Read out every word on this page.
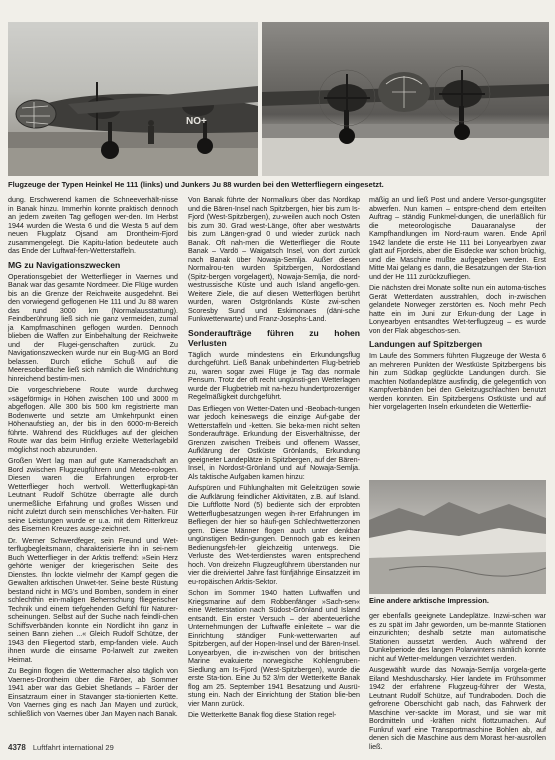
NO+
Flugzeuge der Typen Heinkel He 111 (links) und Junkers Ju 88 wurden bei den Wetterfliegern eingesetzt.

dung. Erschwerend kamen die Schneeverhält-nisse in Banak hinzu. Immerhin konnte praktisch dennoch an jedem zweiten Tag geflogen wer-den. Im Herbst 1944 wurden die Westa 6 und die Westa 5 auf dem neuen Flugplatz Ojsand am Drontheim-Fjord zusammengelegt. Die Kapitu-lation bedeutete auch das Ende der Luftwaf-fen-Wetterstaffeln.

MG zu Navigationszwecken

Operationsgebiet der Wetterflieger in Vaernes und Banak war das gesamte Nordmeer. Die Flüge wurden bis an die Grenze der Reichweite ausgedehnt. Bei den vorwiegend geflogenen He 111 und Ju 88 waren das rund 3000 km (Normalausstattung). Feindberührung ließ sich nie ganz vermeiden, zumal ja Kampfmaschinen geflogen wurden. Dennoch blieben die Waffen zur Einbehaltung der Reichweite und der Flugei-genschaften zurück. Zu Navigationszwecken wurde nur ein Bug-MG an Bord belassen. Durch etliche Schuß auf die Meeresoberfläche ließ sich nämlich die Windrichtung hinreichend bestim-men.

Die vorgeschriebene Route wurde durchweg »sägeförmig« in Höhen zwischen 100 und 3000 m abgeflogen. Alle 300 bis 500 km registrierte man Bodenwerte und setzte am Umkehrpunkt einen Höhenaufstieg an, der bis in den 6000-m-Bereich führte. Während des Rückfluges auf der gleichen Route war das beim Hinflug erzielte Wetterlagebild möglichst noch abzurunden.

Großen Wert lag man auf gute Kameradschaft an Bord zwischen Flugzeugführern und Meteo-rologen. Diesen waren die Erfahrungen erprob-ter Wetterflieger hoch wertvoll. Wetterflugkapi-tän Leutnant Rudolf Schütze überragte alle durch unermeßliche Erfahrung und großes Wissen und nicht zuletzt durch sein menschliches Ver-halten. Für seine Leistungen wurde er u.a. mit dem Ritterkreuz des Eisernen Kreuzes ausge-zeichnet.

Dr. Werner Schwerdfeger, sein Freund und Wet-terflugbegleitsmann, charakterisierte ihn in sei-nem Buch Wetterflieger in der Arktis treffend: »Sein Herz gehörte weniger der kriegerischen Seite des Dienstes. Ihn lockte vielmehr der Kampf gegen die Gewalten arktischen Unwet-ter. Seine beste Rüstung bestand nicht in MG's und Bomben, sondern in einer schlechthin ein-maligen Beherrschung fliegerischer Technik und einem tiefgehenden Gefühl für Naturer-scheinungen. Selbst auf der Suche nach feindli-chen Schiffsverbänden konnte ein Nordlicht ihn ganz in seinen Bann ziehen ...« Gleich Rudolf Schütze, der 1943 den Fliegertod starb, emp-fanden viele. Auch ihnen wurde die einsame Po-larwelt zur zweiten Heimat.

Zu Beginn flogen die Wettermacher also täglich von Vaernes-Drontheim über die Färöer, ab Sommer 1941 aber war das Gebiet Shetlands – Färöer der Einsatzraum einer in Stavanger sta-tionierten Kette. Von Vaernes ging es nach Jan Mayen und zurück, schließlich von Vaernes über Jan Mayen nach Banak.

Von Banak führte der Normalkurs über das Nordkap und die Bären-Insel nach Spitzbergen, hier bis zum Is-Fjord (West-Spitzbergen), zu-weilen auch noch Osten bis zum 30. Grad west-Länge, öfter aber westwärts bis zum Längen-grad 0 und wieder zurück nach Banak. Oft nah-men die Wetterflieger die Route Banak – Vardö – Waigatsch Insel, von dort zurück nach Banak über Nowaja-Semlja. Außer diesen Normalrou-ten wurden Spitzbergen, Nordostland (Spitz-bergen vorgelagert), Nowaja-Semlja, die nord-westrussische Küste und auch Island angeflo-gen. Weitere Ziele, die auf diesen Wetterflügen berührt wurden, waren Ostgrönlands Küste zwi-schen Scoresby Sund und Eskimonaes (däni-sche Funkwetterwarte) und Franz-Josephs-Land.

Sonderaufträge führen zu hohen Verlusten

Täglich wurde mindestens ein Erkundungsflug durchgeführt. Ließ Banak unbehinderten Flug-betrieb zu, waren sogar zwei Flüge je Tag das normale Pensum. Trotz der oft recht ungünsti-gen Wetterlagen wurde der Flugbetrieb mit na-hezu hundertprozentiger Regelmäßigkeit durchgeführt.

Das Erfliegen von Wetter-Daten und -Beobach-tungen war jedoch keineswegs die einzige Auf-gabe der Wetterstaffeln und -ketten. Sie beka-men nicht selten Sonderaufträge. Erkundung der Eisverhältnisse, der Grenzen zwischen Treibeis und offenem Wasser, Aufklärung der Ostküste Grönlands, Erkundung geeigneter Landeplätze in Spitzbergen, auf der Bären-Insel, in Nordost-Grönland und auf Nowaja-Semlja. Als taktische Aufgaben kamen hinzu:

Aufspüren und Fühlunghalten mit Geleitzügen sowie die Aufklärung feindlicher Aktivitäten, z.B. auf Island. Die Luftflotte Nord (5) bediente sich der erprobten Wetterflugbesatzungen wegen ih-rer Erfahrungen im Befliegen der hier so häufi-gen Schlechtwetterzonen gern. Diese Männer flogen auch unter denkbar ungünstigen Bedin-gungen. Dennoch gab es keinen Bedienungsfeh-ler gleichzeitig unterwegs. Die Verluste des Wet-terdienstes waren entsprechend hoch. Von dreizehn Flugzeugführern überstanden nur vier die dreiviertel Jahre fast fünfjährige Einsatzzeit im eu-ropäischen Arktis-Sektor.

Schon im Sommer 1940 hatten Luftwaffen und Kriegsmarine auf dem Robbenfänger »Sach-sen« eine Wetterstation nach Südost-Grönland und Island entsandt. Ein erster Versuch – der abenteuerliche Unternehmungen der Luftwaffe einleitete – war die Einrichtung ständiger Funk-wetterwarten auf Spitzbergen, auf der Hopen-Insel und der Bären-Insel. Lonyearbyen, die in-zwischen von der britischen Marine evakuierte norwegische Kohlengruben-Siedlung am Is-Fjord (West-Spitzbergen), wurde die erste Sta-tion. Eine Ju 52 3/m der Wetterkette Banak flog am 25. September 1941 Besatzung und Ausrü-stung ein. Nach der Einrichtung der Station blie-ben vier Mann zurück.

Die Wetterkette Banak flog diese Station regel-

mäßig an und ließ Post und andere Versor-gungsgüter abwerfen. Nun kamen – entspre-chend dem erteilten Auftrag – ständig Funkmel-dungen, die unerläßlich für die meteorologische Dauaranalyse der Kampfhandlungen im Nord-raum waren. Ende April 1942 landete die erste He 111 bei Lonyearbyen zwar glatt auf Fjordeis, aber die Eisdecke war schon brüchig, und die Maschine mußte aufgegeben werden. Erst Mitte Mai gelang es dann, die Besatzungen der Sta-tion und der He 111 zurückzufliegen.

Die nächsten drei Monate sollte nun ein automa-tisches Gerät Wetterdaten ausstrahlen, doch in-zwischen gelandete Norweger zerstörten es. Noch mehr Pech hatte ein im Juni zur Erkun-dung der Lage in Lonyearbyen entsandtes Wet-terflugzeug – es wurde von der Flak abgeschos-sen.

Landungen auf Spitzbergen

Im Laufe des Sommers führten Flugzeuge der Westa 6 an mehreren Punkten der Westküste Spitzbergens bis hin zum Südkap geglückte Landungen durch. Sie machten Notlandeplätze ausfindig, die gelegentlich von Kampfverbänden bei den Geleitzugschlachten benutzt werden konnten. Ein Spitzbergens Ostküste und auf hier vorgelagerten Inseln erkundeten die Wetterflie-

Eine andere arktische Impression.

ger ebenfalls geeignete Landeplätze. Inzwi-schen war es zu spät im Jahr geworden, um be-mannte Stationen einzurichten; deshalb setzte man automatische Stationen aussetzt werden. Auch während der Dunkelperiode des langen Polarwinters nämlich konnte nicht auf Wetter-meldungen verzichtet werden.

Ausgewählt wurde das Nowaja-Semlja vorgela-gerte Eiland Meshduscharsky. Hier landete im Frühsommer 1942 der erfahrene Flugzeug-führer der Westa, Leutnant Rudolf Schütze, auf Tundraboden. Doch die gefrorene Oberschicht gab nach, das Fahrwerk der Maschine ver-sackte im Morast, und sie war mit Bordmitteln und -kräften nicht flottzumachen. Auf Funkruf warf eine Transportmaschine Bohlen ab, auf denen sich die Maschine aus dem Morast her-ausrollen ließ.

4378 Luftfahrt international 29
